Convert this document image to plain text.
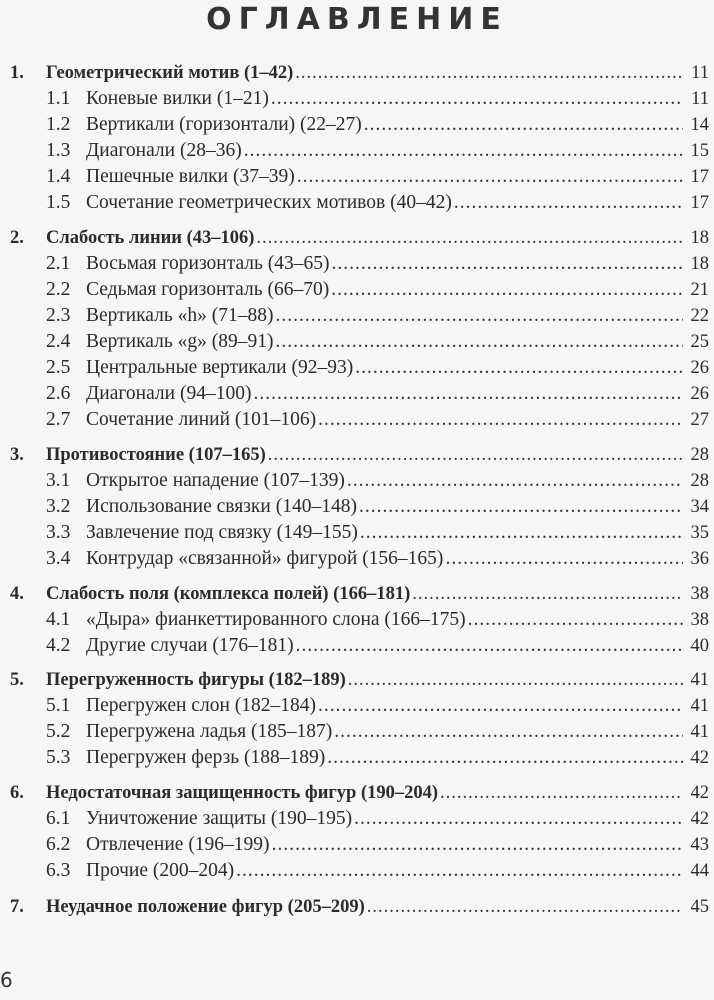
ОГЛАВЛЕНИЕ
1.	Геометрический мотив (1–42) .....	11
1.1 Коневые вилки (1–21) .....	11
1.2 Вертикали (горизонтали) (22–27) .....	14
1.3 Диагонали (28–36) .....	15
1.4 Пешечные вилки (37–39) .....	17
1.5 Сочетание геометрических мотивов (40–42) .....	17
2.	Слабость линии (43–106) .....	18
2.1 Восьмая горизонталь (43–65) .....	18
2.2 Седьмая горизонталь (66–70) .....	21
2.3 Вертикаль «h» (71–88) .....	22
2.4 Вертикаль «g» (89–91) .....	25
2.5 Центральные вертикали (92–93) .....	26
2.6 Диагонали (94–100) .....	26
2.7 Сочетание линий (101–106) .....	27
3.	Противостояние (107–165) .....	28
3.1 Открытое нападение (107–139) .....	28
3.2 Использование связки (140–148) .....	34
3.3 Завлечение под связку (149–155) .....	35
3.4 Контрудар «связанной» фигурой (156–165) .....	36
4.	Слабость поля (комплекса полей) (166–181) .....	38
4.1 «Дыра» фианкеттированного слона (166–175) .....	38
4.2 Другие случаи (176–181) .....	40
5.	Перегруженность фигуры (182–189) .....	41
5.1 Перегружен слон (182–184) .....	41
5.2 Перегружена ладья (185–187) .....	41
5.3 Перегружен ферзь (188–189) .....	42
6.	Недостаточная защищенность фигур (190–204) .....	42
6.1 Уничтожение защиты (190–195) .....	42
6.2 Отвлечение (196–199) .....	43
6.3 Прочие (200–204) .....	44
7.	Неудачное положение фигур (205–209) .....	45
6
